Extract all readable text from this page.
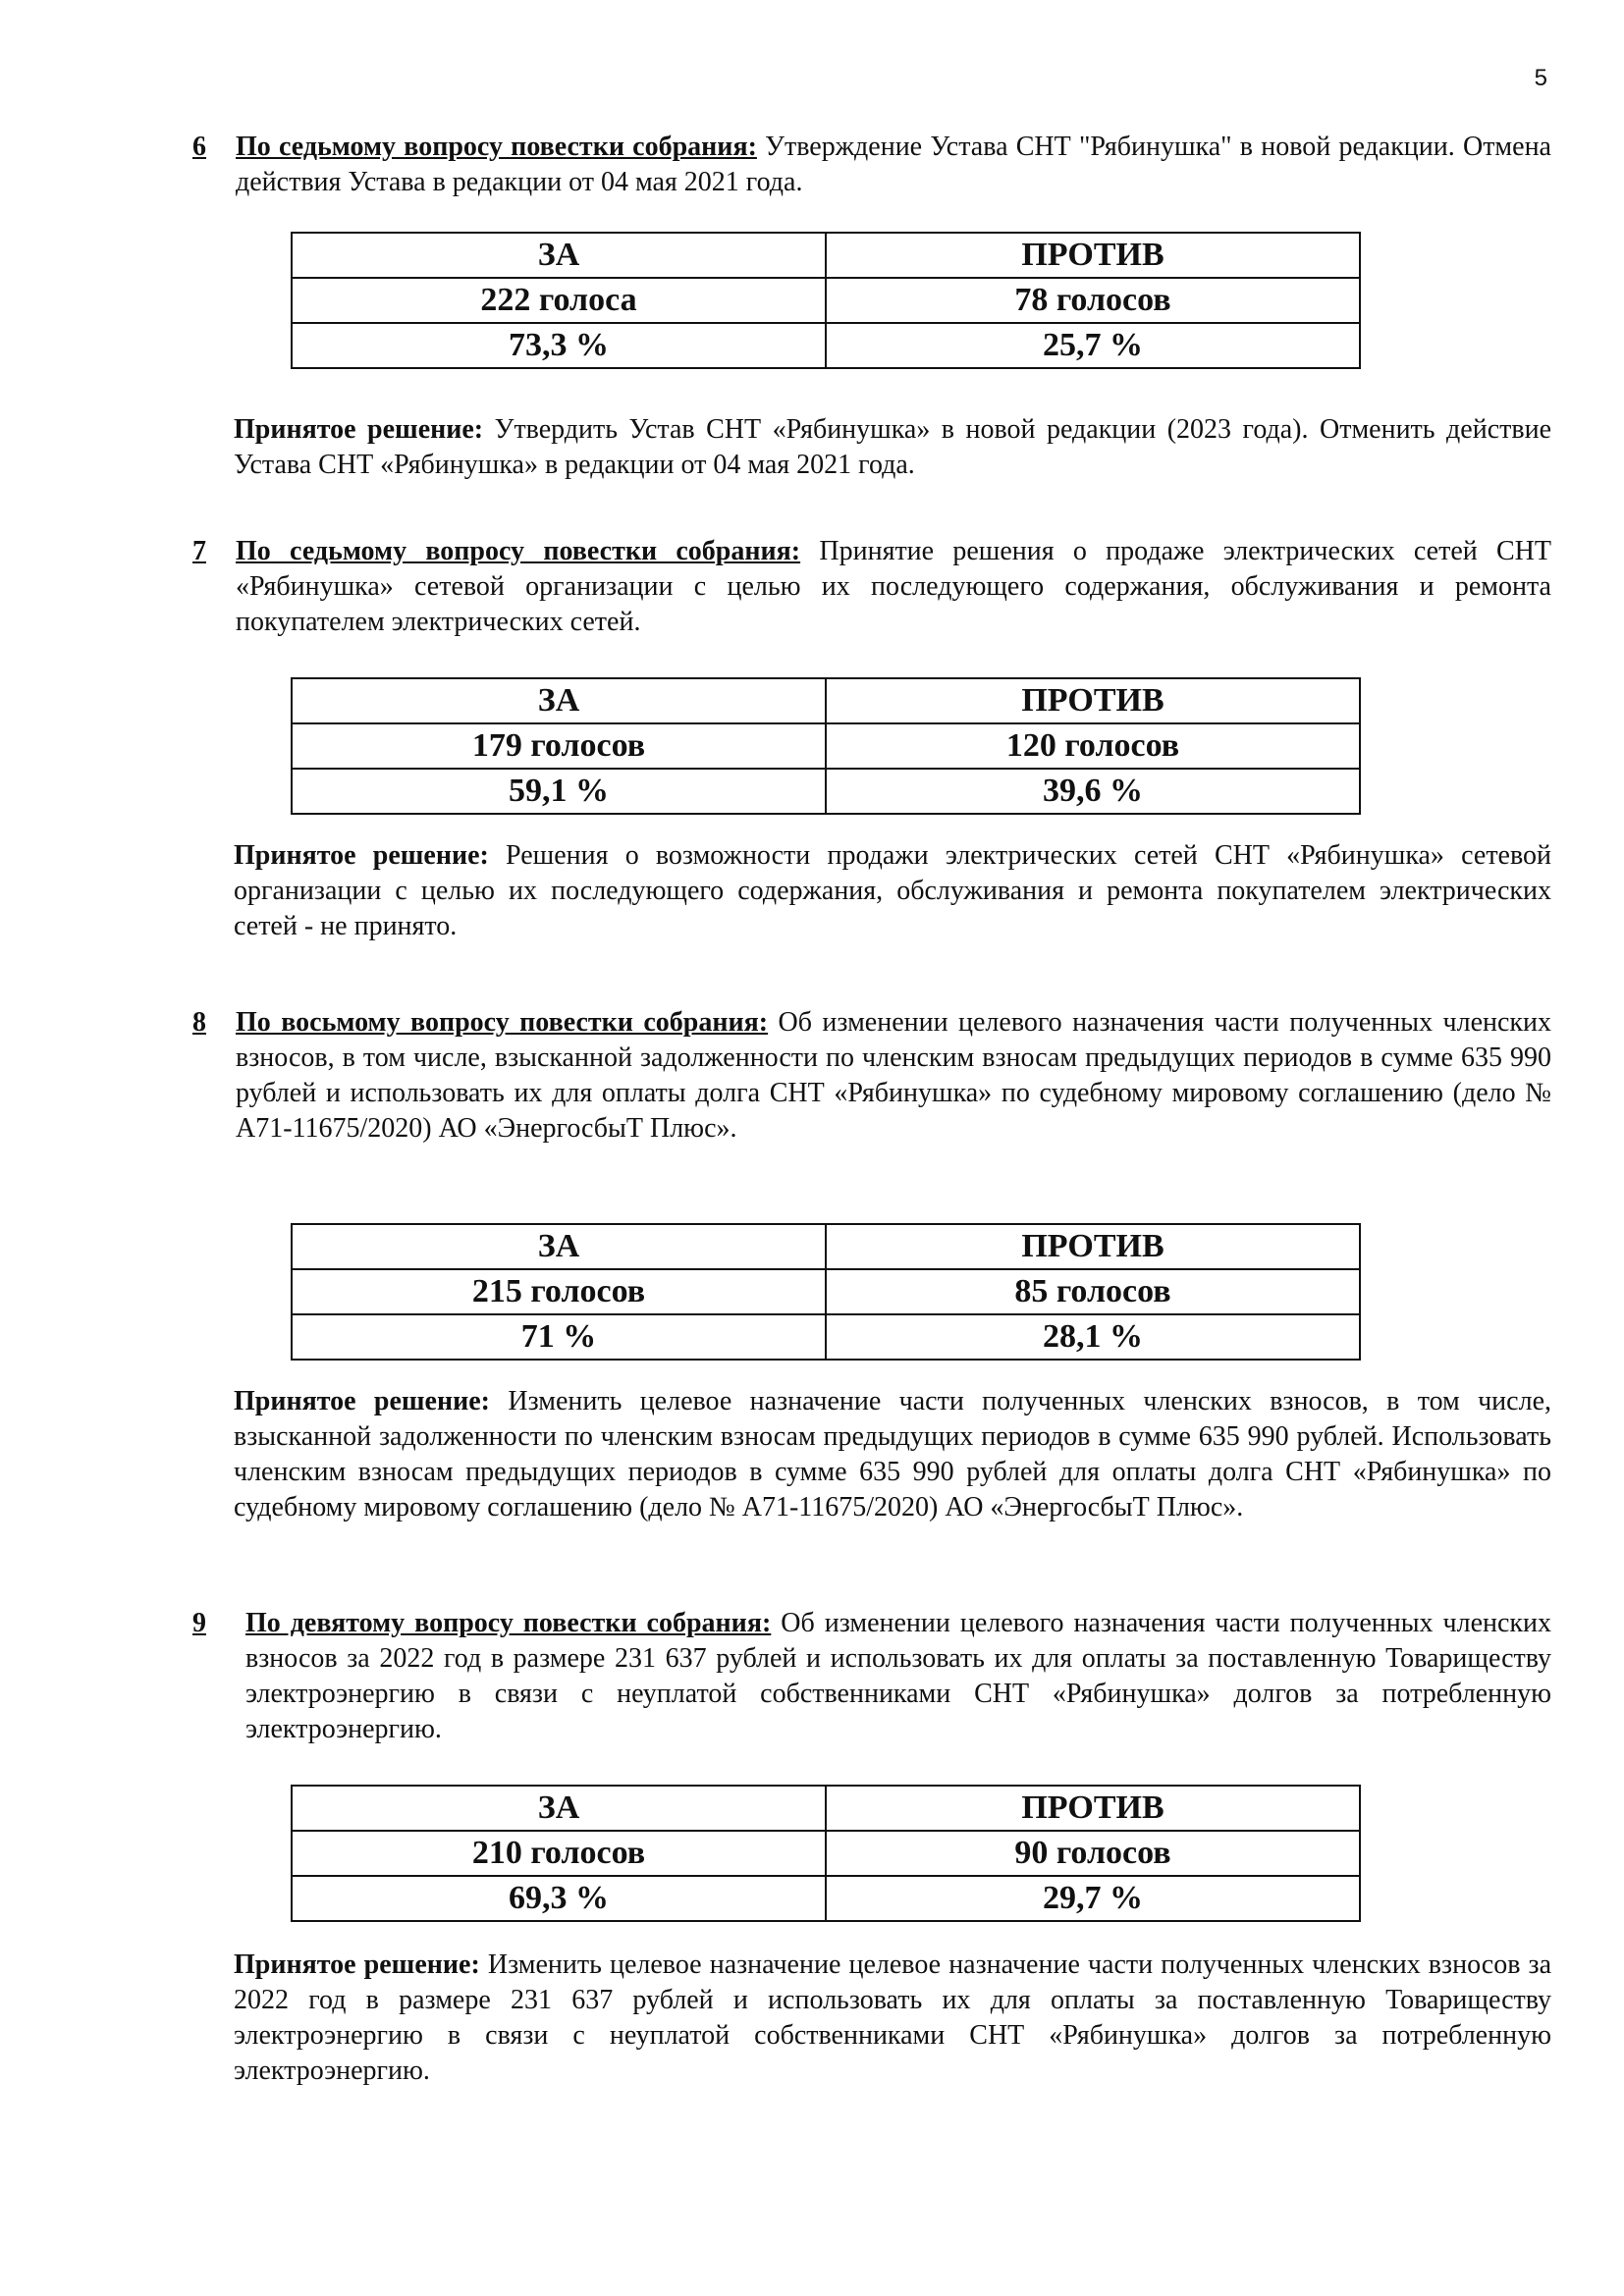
5
6	По седьмому вопросу повестки собрания: Утверждение Устава СНТ "Рябинушка" в новой редакции. Отмена действия Устава в редакции от 04 мая 2021 года.
ЗА	ПРОТИВ
222 голоса	78 голосов
73,3 %	25,7 %
Принятое решение: Утвердить Устав СНТ «Рябинушка» в новой редакции (2023 года). Отменить действие Устава СНТ «Рябинушка» в редакции от 04 мая 2021 года.
7	По седьмому вопросу повестки собрания: Принятие решения о продаже электрических сетей СНТ «Рябинушка» сетевой организации с целью их последующего содержания, обслуживания и ремонта покупателем электрических сетей.
ЗА	ПРОТИВ
179 голосов	120 голосов
59,1 %	39,6 %
Принятое решение: Решения о возможности продажи электрических сетей СНТ «Рябинушка» сетевой организации с целью их последующего содержания, обслуживания и ремонта покупателем электрических сетей - не принято.
8	По восьмому вопросу повестки собрания: Об изменении целевого назначения части полученных членских взносов, в том числе, взысканной задолженности по членским взносам предыдущих периодов в сумме 635 990 рублей и использовать их для оплаты долга СНТ «Рябинушка» по судебному мировому соглашению (дело № А71-11675/2020) АО «ЭнергосбыТ Плюс».
ЗА	ПРОТИВ
215 голосов	85 голосов
71 %	28,1 %
Принятое решение: Изменить целевое назначение части полученных членских взносов, в том числе, взысканной задолженности по членским взносам предыдущих периодов в сумме 635 990 рублей. Использовать членским взносам предыдущих периодов в сумме 635 990 рублей для оплаты долга СНТ «Рябинушка» по судебному мировому соглашению (дело № А71-11675/2020) АО «ЭнергосбыТ Плюс».
9	По девятому вопросу повестки собрания: Об изменении целевого назначения части полученных членских взносов за 2022 год в размере 231 637 рублей и использовать их для оплаты за поставленную Товариществу электроэнергию в связи с неуплатой собственниками СНТ «Рябинушка» долгов за потребленную электроэнергию.
ЗА	ПРОТИВ
210 голосов	90 голосов
69,3 %	29,7 %
Принятое решение: Изменить целевое назначение целевое назначение части полученных членских взносов за 2022 год в размере 231 637 рублей и использовать их для оплаты за поставленную Товариществу электроэнергию в связи с неуплатой собственниками СНТ «Рябинушка» долгов за потребленную электроэнергию.
